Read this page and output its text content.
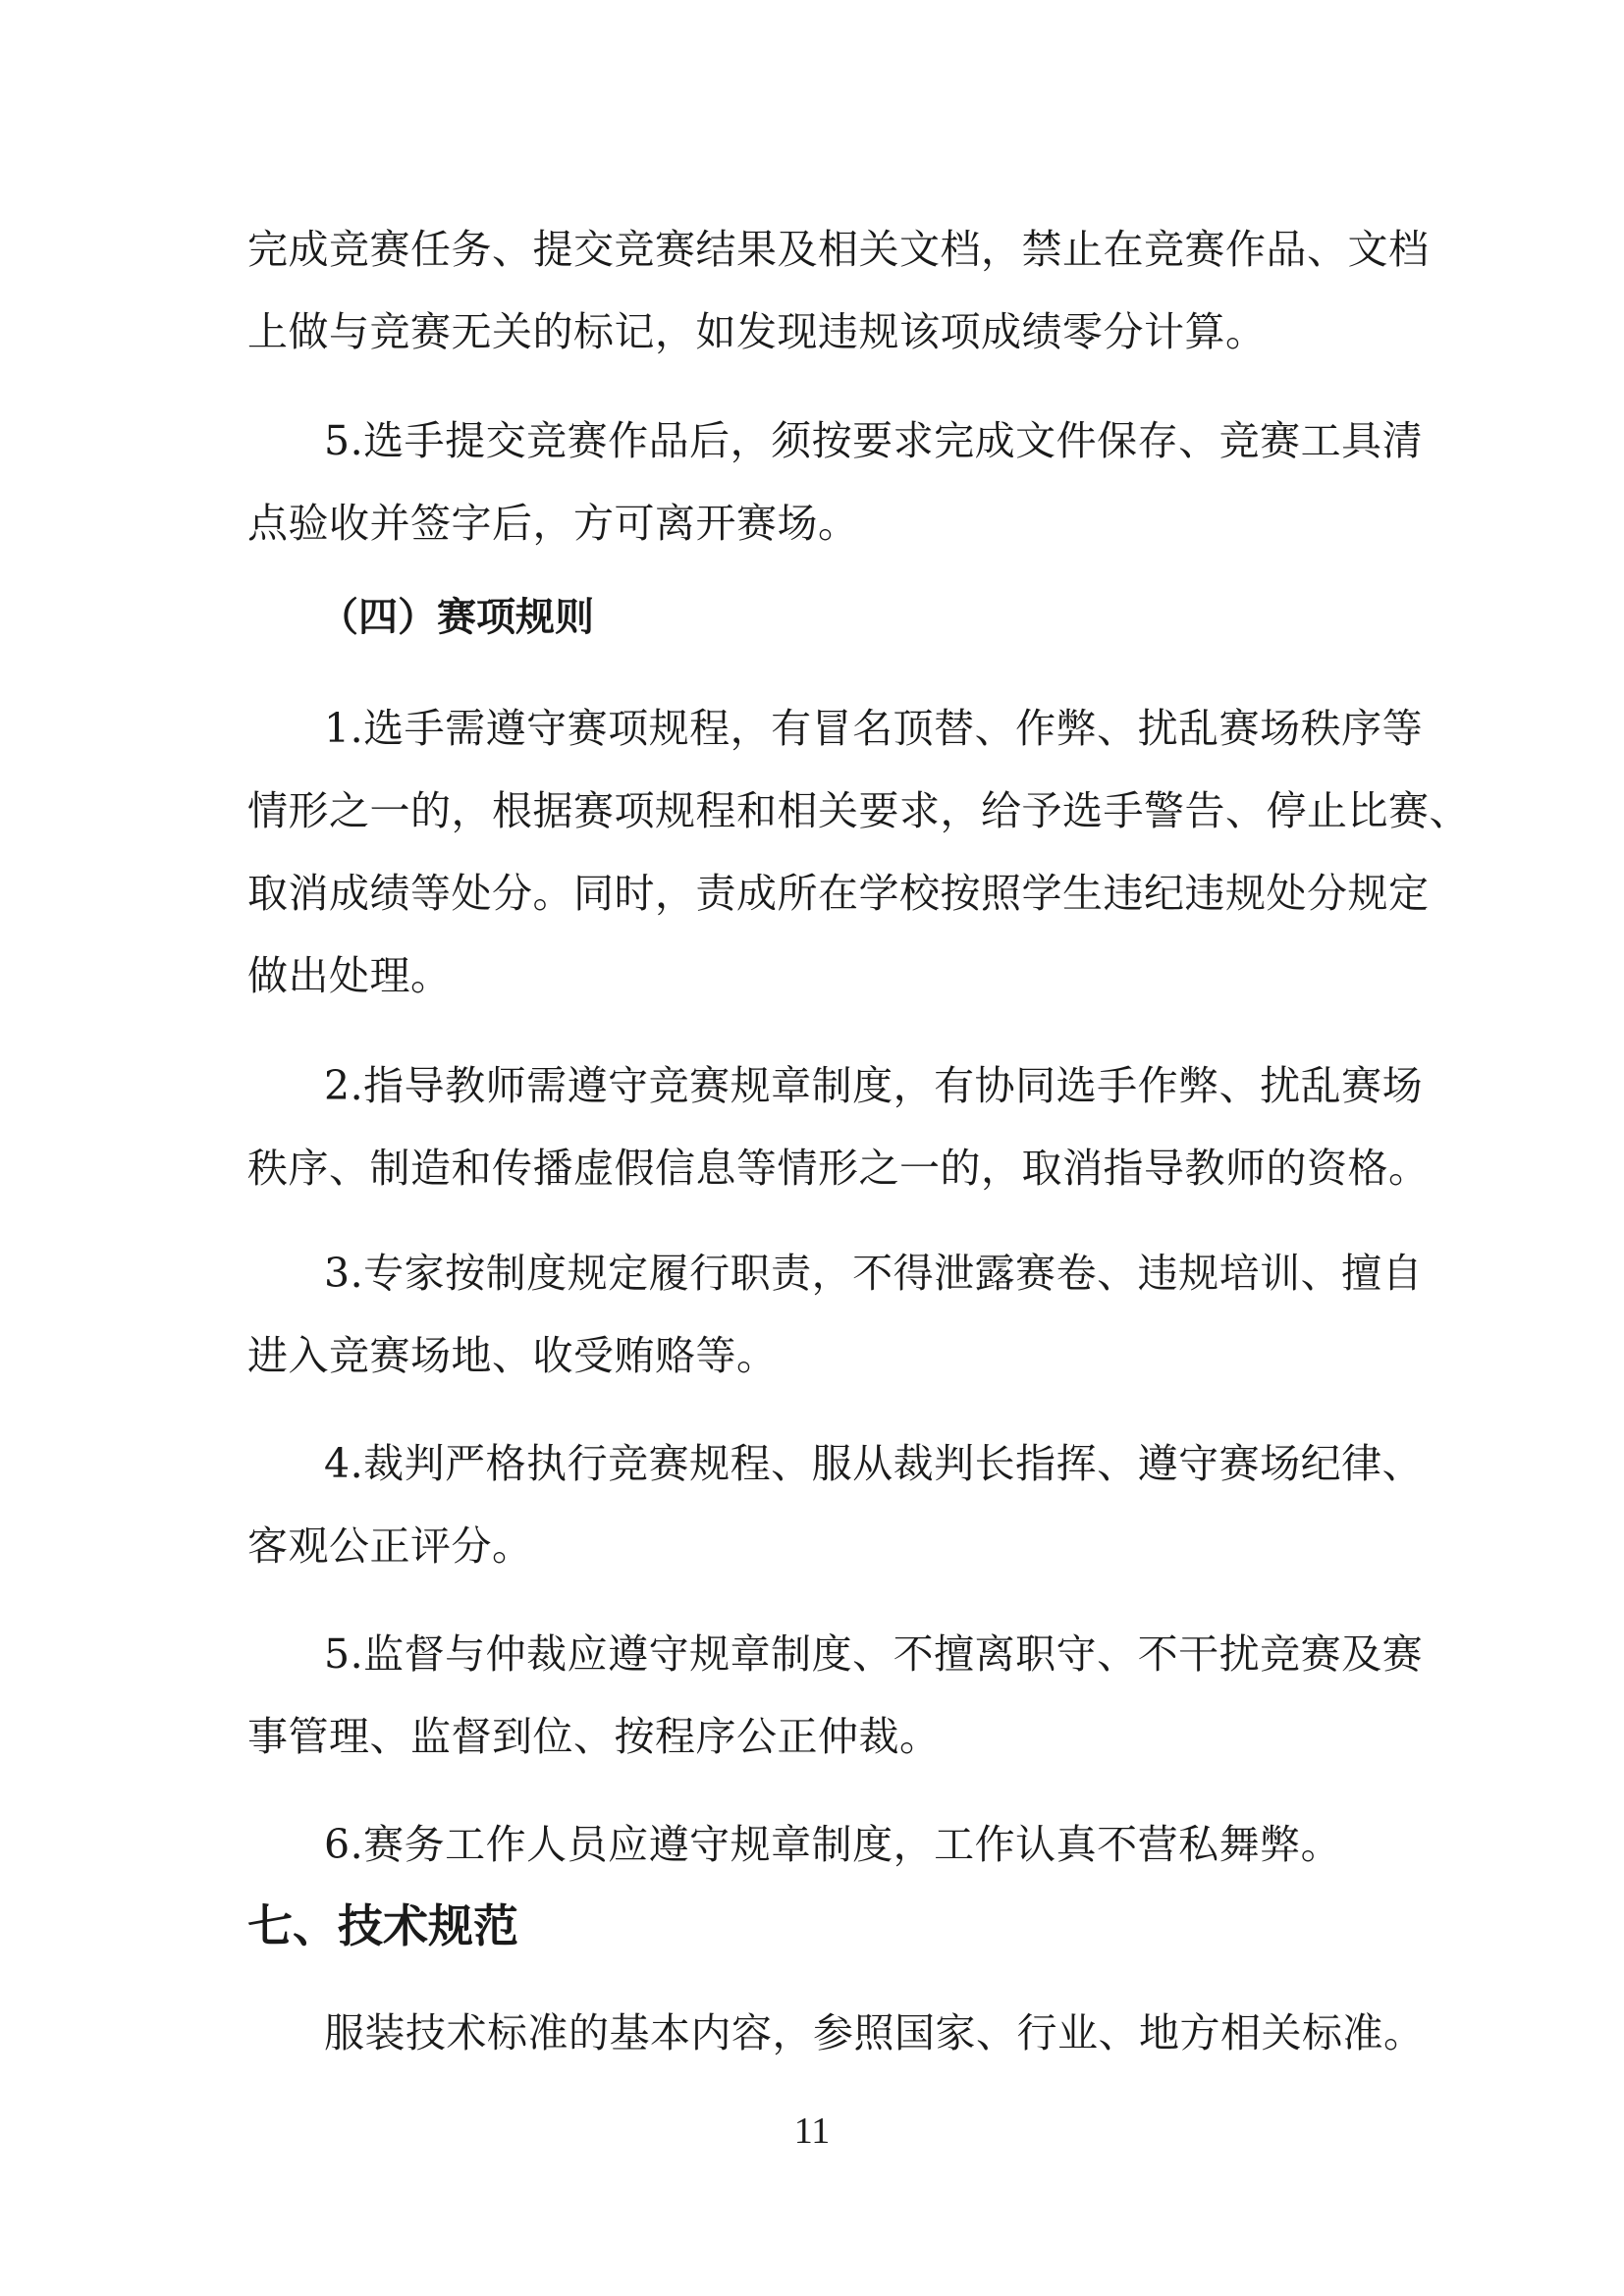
完成竞赛任务、提交竞赛结果及相关文档，禁止在竞赛作品、文档

上做与竞赛无关的标记，如发现违规该项成绩零分计算。

5.选手提交竞赛作品后，须按要求完成文件保存、竞赛工具清

点验收并签字后，方可离开赛场。

（四）赛项规则

1.选手需遵守赛项规程，有冒名顶替、作弊、扰乱赛场秩序等

情形之一的，根据赛项规程和相关要求，给予选手警告、停止比赛、

取消成绩等处分。同时，责成所在学校按照学生违纪违规处分规定

做出处理。

2.指导教师需遵守竞赛规章制度，有协同选手作弊、扰乱赛场

秩序、制造和传播虚假信息等情形之一的，取消指导教师的资格。

3.专家按制度规定履行职责，不得泄露赛卷、违规培训、擅自

进入竞赛场地、收受贿赂等。

4.裁判严格执行竞赛规程、服从裁判长指挥、遵守赛场纪律、

客观公正评分。

5.监督与仲裁应遵守规章制度、不擅离职守、不干扰竞赛及赛

事管理、监督到位、按程序公正仲裁。

6.赛务工作人员应遵守规章制度，工作认真不营私舞弊。

七、技术规范

服装技术标准的基本内容，参照国家、行业、地方相关标准。

11
